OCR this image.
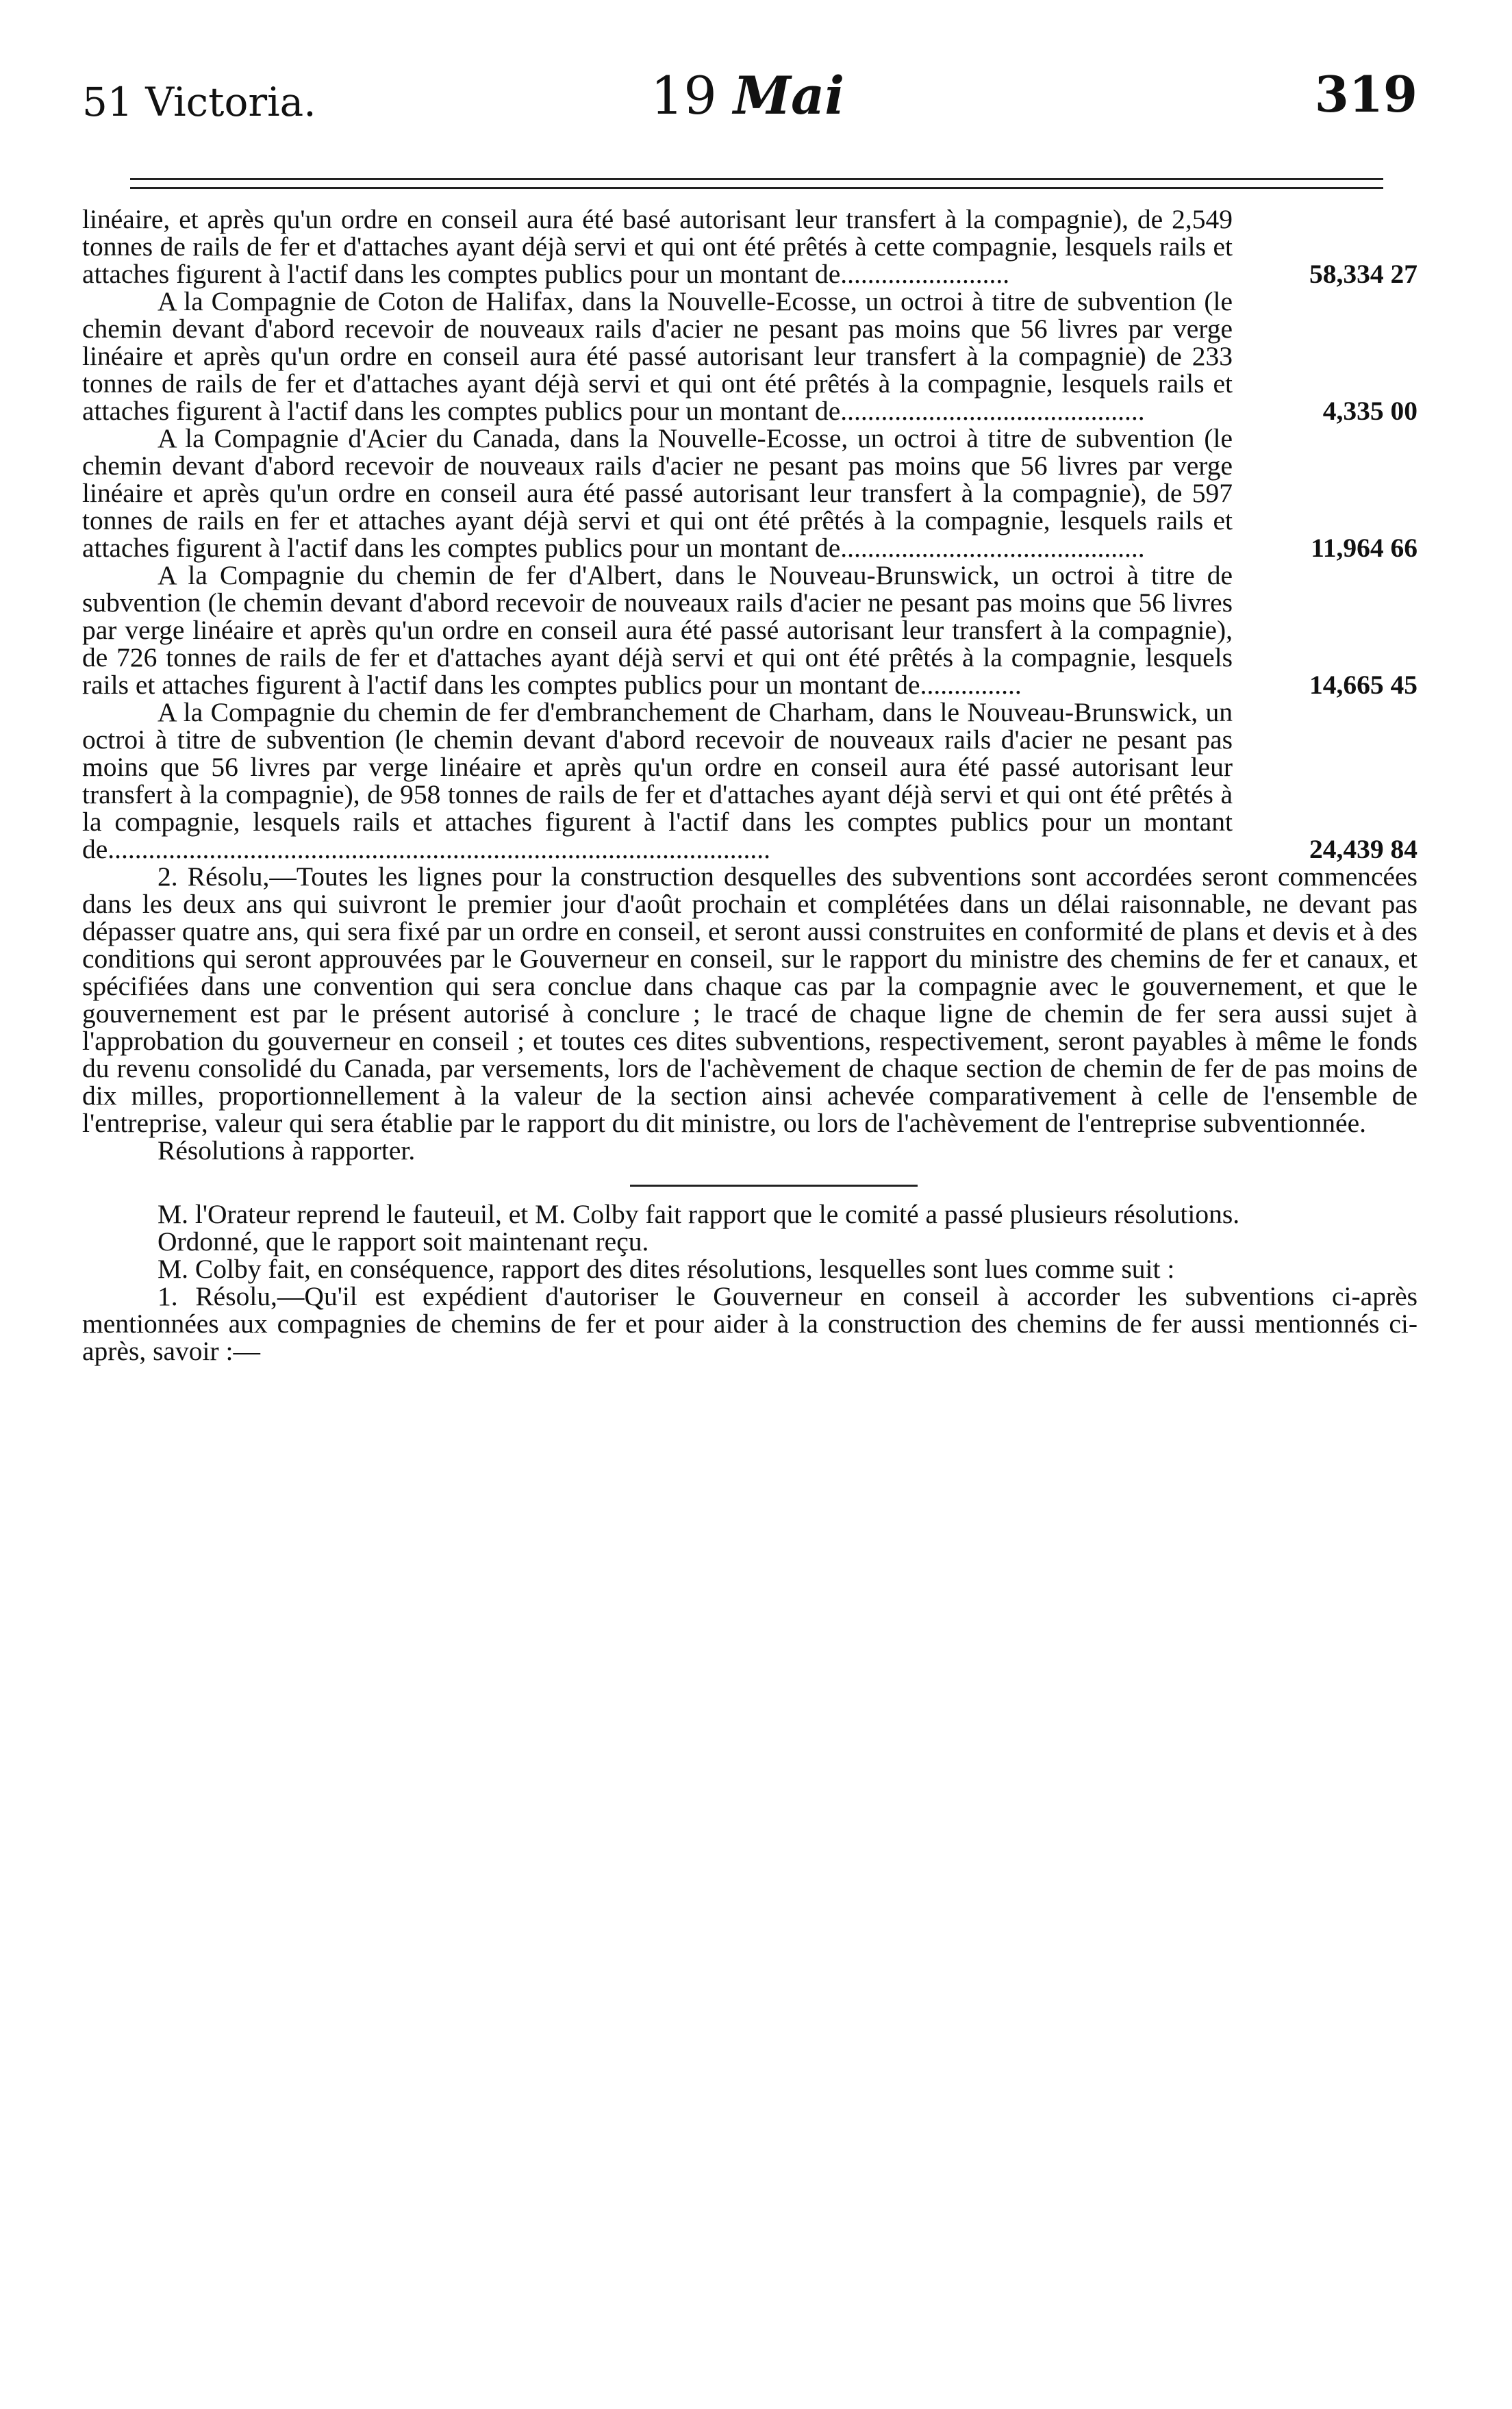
51 Victoria.	19 Mai	319
linéaire, et après qu'un ordre en conseil aura été basé autorisant leur transfert à la compagnie), de 2,549 tonnes de rails de fer et d'attaches ayant déjà servi et qui ont été prêtés à cette compagnie, lesquels rails et attaches figurent à l'actif dans les comptes publics pour un montant de.........................	58,334 27
A la Compagnie de Coton de Halifax, dans la Nouvelle-Ecosse, un octroi à titre de subvention (le chemin devant d'abord recevoir de nouveaux rails d'acier ne pesant pas moins que 56 livres par verge linéaire et après qu'un ordre en conseil aura été passé autorisant leur transfert à la compagnie) de 233 tonnes de rails de fer et d'attaches ayant déjà servi et qui ont été prêtés à la compagnie, lesquels rails et attaches figurent à l'actif dans les comptes publics pour un montant de.............................................	4,335 00
A la Compagnie d'Acier du Canada, dans la Nouvelle-Ecosse, un octroi à titre de subvention (le chemin devant d'abord recevoir de nouveaux rails d'acier ne pesant pas moins que 56 livres par verge linéaire et après qu'un ordre en conseil aura été passé autorisant leur transfert à la compagnie), de 597 tonnes de rails en fer et attaches ayant déjà servi et qui ont été prêtés à la compagnie, lesquels rails et attaches figurent à l'actif dans les comptes publics pour un montant de.............................................	11,964 66
A la Compagnie du chemin de fer d'Albert, dans le Nouveau-Brunswick, un octroi à titre de subvention (le chemin devant d'abord recevoir de nouveaux rails d'acier ne pesant pas moins que 56 livres par verge linéaire et après qu'un ordre en conseil aura été passé autorisant leur transfert à la compagnie), de 726 tonnes de rails de fer et d'attaches ayant déjà servi et qui ont été prêtés à la compagnie, lesquels rails et attaches figurent à l'actif dans les comptes publics pour un montant de...............	14,665 45
A la Compagnie du chemin de fer d'embranchement de Charham, dans le Nouveau-Brunswick, un octroi à titre de subvention (le chemin devant d'abord recevoir de nouveaux rails d'acier ne pesant pas moins que 56 livres par verge linéaire et après qu'un ordre en conseil aura été passé autorisant leur transfert à la compagnie), de 958 tonnes de rails de fer et d'attaches ayant déjà servi et qui ont été prêtés à la compagnie, lesquels rails et attaches figurent à l'actif dans les comptes publics pour un montant de..................................................................................................	24,439 84
2. Résolu,—Toutes les lignes pour la construction desquelles des subventions sont accordées seront commencées dans les deux ans qui suivront le premier jour d'août prochain et complétées dans un délai raisonnable, ne devant pas dépasser quatre ans, qui sera fixé par un ordre en conseil, et seront aussi construites en conformité de plans et devis et à des conditions qui seront approuvées par le Gouverneur en conseil, sur le rapport du ministre des chemins de fer et canaux, et spécifiées dans une convention qui sera conclue dans chaque cas par la compagnie avec le gouvernement, et que le gouvernement est par le présent autorisé à conclure ; le tracé de chaque ligne de chemin de fer sera aussi sujet à l'approbation du gouverneur en conseil ; et toutes ces dites subventions, respectivement, seront payables à même le fonds du revenu consolidé du Canada, par versements, lors de l'achèvement de chaque section de chemin de fer de pas moins de dix milles, proportionnellement à la valeur de la section ainsi achevée comparativement à celle de l'ensemble de l'entreprise, valeur qui sera établie par le rapport du dit ministre, ou lors de l'achèvement de l'entreprise subventionnée.
Résolutions à rapporter.
M. l'Orateur reprend le fauteuil, et M. Colby fait rapport que le comité a passé plusieurs résolutions.
Ordonné, que le rapport soit maintenant reçu.
M. Colby fait, en conséquence, rapport des dites résolutions, lesquelles sont lues comme suit :
1. Résolu,—Qu'il est expédient d'autoriser le Gouverneur en conseil à accorder les subventions ci-après mentionnées aux compagnies de chemins de fer et pour aider à la construction des chemins de fer aussi mentionnés ci-après, savoir :—
